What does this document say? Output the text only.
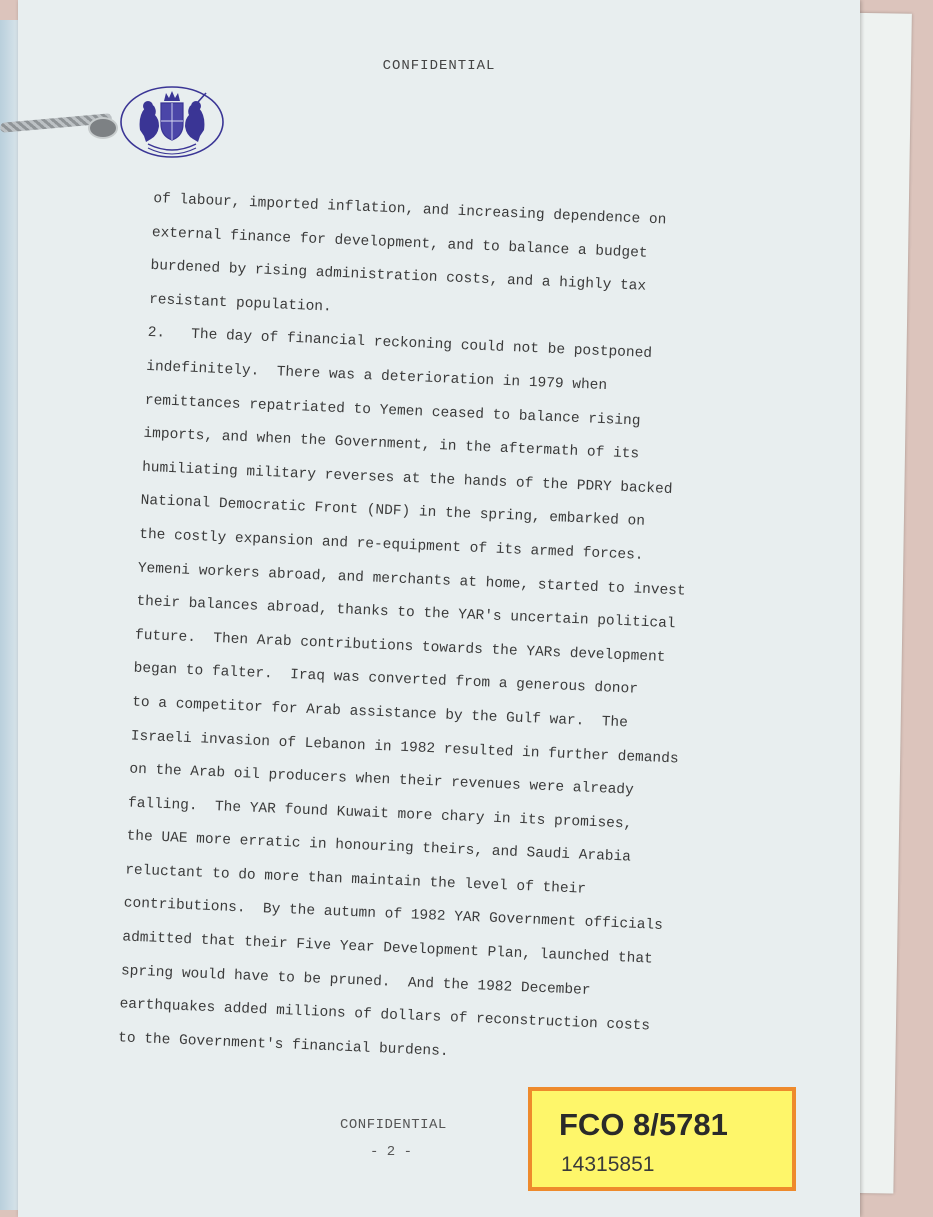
CONFIDENTIAL
of labour, imported inflation, and increasing dependence on
external finance for development, and to balance a budget
burdened by rising administration costs, and a highly tax
resistant population.
2.   The day of financial reckoning could not be postponed
indefinitely.  There was a deterioration in 1979 when
remittances repatriated to Yemen ceased to balance rising
imports, and when the Government, in the aftermath of its
humiliating military reverses at the hands of the PDRY backed
National Democratic Front (NDF) in the spring, embarked on
the costly expansion and re-equipment of its armed forces.
Yemeni workers abroad, and merchants at home, started to invest
their balances abroad, thanks to the YAR's uncertain political
future.  Then Arab contributions towards the YARs development
began to falter.  Iraq was converted from a generous donor
to a competitor for Arab assistance by the Gulf war.  The
Israeli invasion of Lebanon in 1982 resulted in further demands
on the Arab oil producers when their revenues were already
falling.  The YAR found Kuwait more chary in its promises,
the UAE more erratic in honouring theirs, and Saudi Arabia
reluctant to do more than maintain the level of their
contributions.  By the autumn of 1982 YAR Government officials
admitted that their Five Year Development Plan, launched that
spring would have to be pruned.  And the 1982 December
earthquakes added millions of dollars of reconstruction costs
to the Government's financial burdens.
CONFIDENTIAL
- 2 -
FCO 8/5781
14315851
